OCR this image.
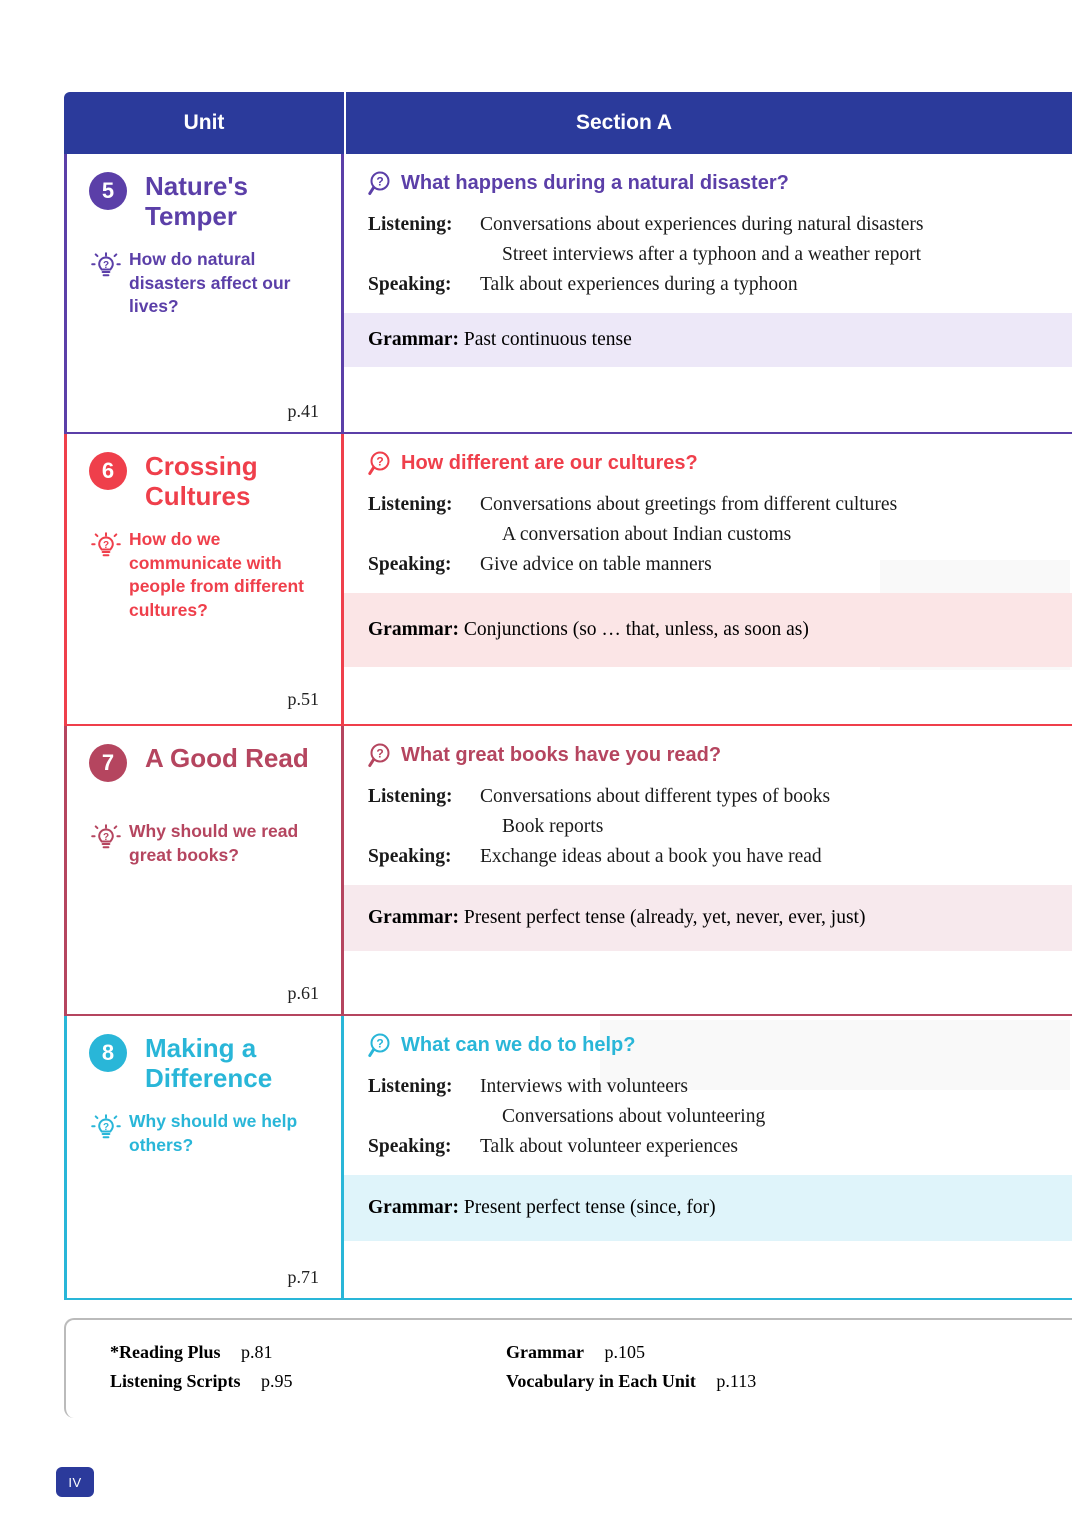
Unit	Section A
5	Nature's Temper
? How do natural disasters affect our lives?
p.41
? What happens during a natural disaster?
Listening:	Conversations about experiences during natural disasters
Street interviews after a typhoon and a weather report
Speaking:	Talk about experiences during a typhoon
Grammar: Past continuous tense
6	Crossing Cultures
? How do we communicate with people from different cultures?
p.51
? How different are our cultures?
Listening:	Conversations about greetings from different cultures
A conversation about Indian customs
Speaking:	Give advice on table manners
Grammar: Conjunctions (so … that, unless, as soon as)
7	A Good Read
? Why should we read great books?
p.61
? What great books have you read?
Listening:	Conversations about different types of books
Book reports
Speaking:	Exchange ideas about a book you have read
Grammar: Present perfect tense (already, yet, never, ever, just)
8	Making a Difference
? Why should we help others?
p.71
? What can we do to help?
Listening:	Interviews with volunteers
Conversations about volunteering
Speaking:	Talk about volunteer experiences
Grammar: Present perfect tense (since, for)
*Reading Plus p.81
Listening Scripts p.95
Grammar p.105
Vocabulary in Each Unit p.113
IV
